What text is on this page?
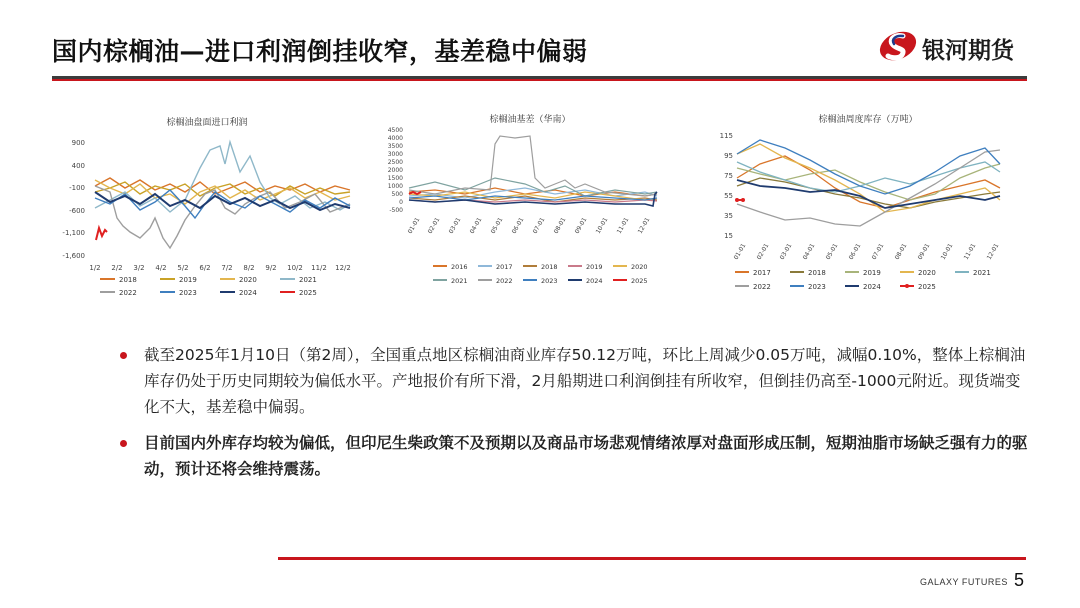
国内棕榈油—进口利润倒挂收窄，基差稳中偏弱	银河期货
棕榈油盘面进口利润
900
400
-100
-600
-1,100
-1,600
1/2 2/2 3/2 4/2 5/2 6/2 7/2 8/2 9/2 10/2 11/2 12/2
2018	2019	2020	2021
2022	2023	2024	2025
棕榈油基差（华南）
4500
4000
3500
3000
2500
2000
1500
1000
500
0
-500
01-01 02-01 03-01 04-01 05-01 06-01 07-01 08-01 09-01 10-01 11-01 12-01
2016	2017	2018	2019	2020
2021	2022	2023	2024	2025
棕榈油周度库存（万吨）
115
95
75
55
35
15
01-01 02-01 03-01 04-01 05-01 06-01 07-01 08-01 09-01 10-01 11-01 12-01
2017	2018	2019	2020	2021
2022	2023	2024	2025
截至2025年1月10日（第2周），全国重点地区棕榈油商业库存50.12万吨，环比上周减少0.05万吨，减幅0.10%，整体上棕榈油库存仍处于历史同期较为偏低水平。产地报价有所下滑，2月船期进口利润倒挂有所收窄，但倒挂仍高至-1000元附近。现货端变化不大，基差稳中偏弱。
目前国内外库存均较为偏低，但印尼生柴政策不及预期以及商品市场悲观情绪浓厚对盘面形成压制，短期油脂市场缺乏强有力的驱动，预计还将会维持震荡。
GALAXY FUTURES 5
